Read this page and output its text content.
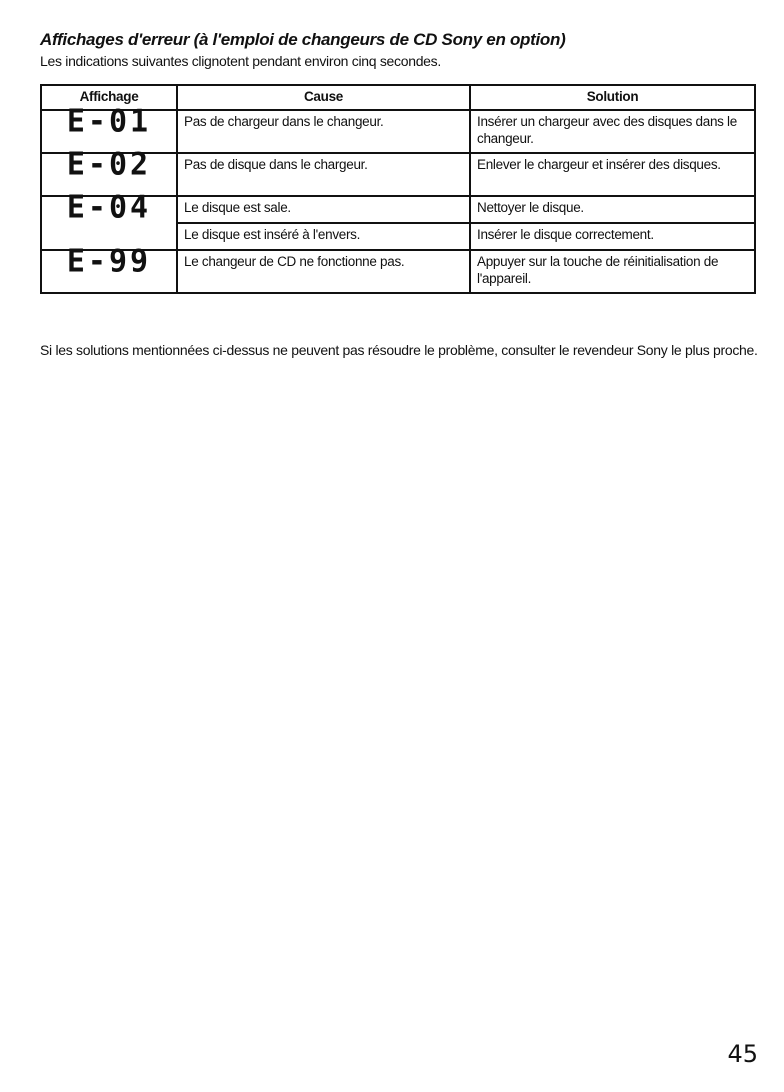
Affichages d'erreur (à l'emploi de changeurs de CD Sony en option)
Les indications suivantes clignotent pendant environ cinq secondes.
Affichage	Cause	Solution
E-01	Pas de chargeur dans le changeur.	Insérer un chargeur avec des disques dans le changeur.
E-02	Pas de disque dans le chargeur.	Enlever le chargeur et insérer des disques.
E-04	Le disque est sale.	Nettoyer le disque.
	Le disque est inséré à l'envers.	Insérer le disque correctement.
E-99	Le changeur de CD ne fonctionne pas.	Appuyer sur la touche de réinitialisation de l'appareil.
Si les solutions mentionnées ci-dessus ne peuvent pas résoudre le problème, consulter le revendeur Sony le plus proche.
45
